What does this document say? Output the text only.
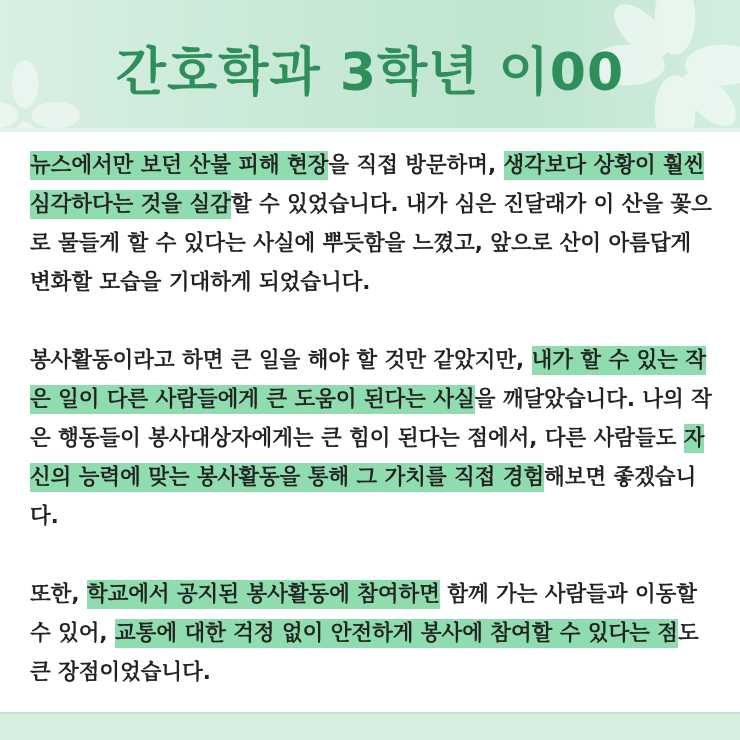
간호학과 3학년 이00

뉴스에서만 보던 산불 피해 현장을 직접 방문하며, 생각보다 상황이 훨씬 심각하다는 것을 실감할 수 있었습니다. 내가 심은 진달래가 이 산을 꽃으로 물들게 할 수 있다는 사실에 뿌듯함을 느꼈고, 앞으로 산이 아름답게 변화할 모습을 기대하게 되었습니다.

봉사활동이라고 하면 큰 일을 해야 할 것만 같았지만, 내가 할 수 있는 작은 일이 다른 사람들에게 큰 도움이 된다는 사실을 깨달았습니다. 나의 작은 행동들이 봉사대상자에게는 큰 힘이 된다는 점에서, 다른 사람들도 자신의 능력에 맞는 봉사활동을 통해 그 가치를 직접 경험해보면 좋겠습니다.

또한, 학교에서 공지된 봉사활동에 참여하면 함께 가는 사람들과 이동할 수 있어, 교통에 대한 걱정 없이 안전하게 봉사에 참여할 수 있다는 점도 큰 장점이었습니다.
